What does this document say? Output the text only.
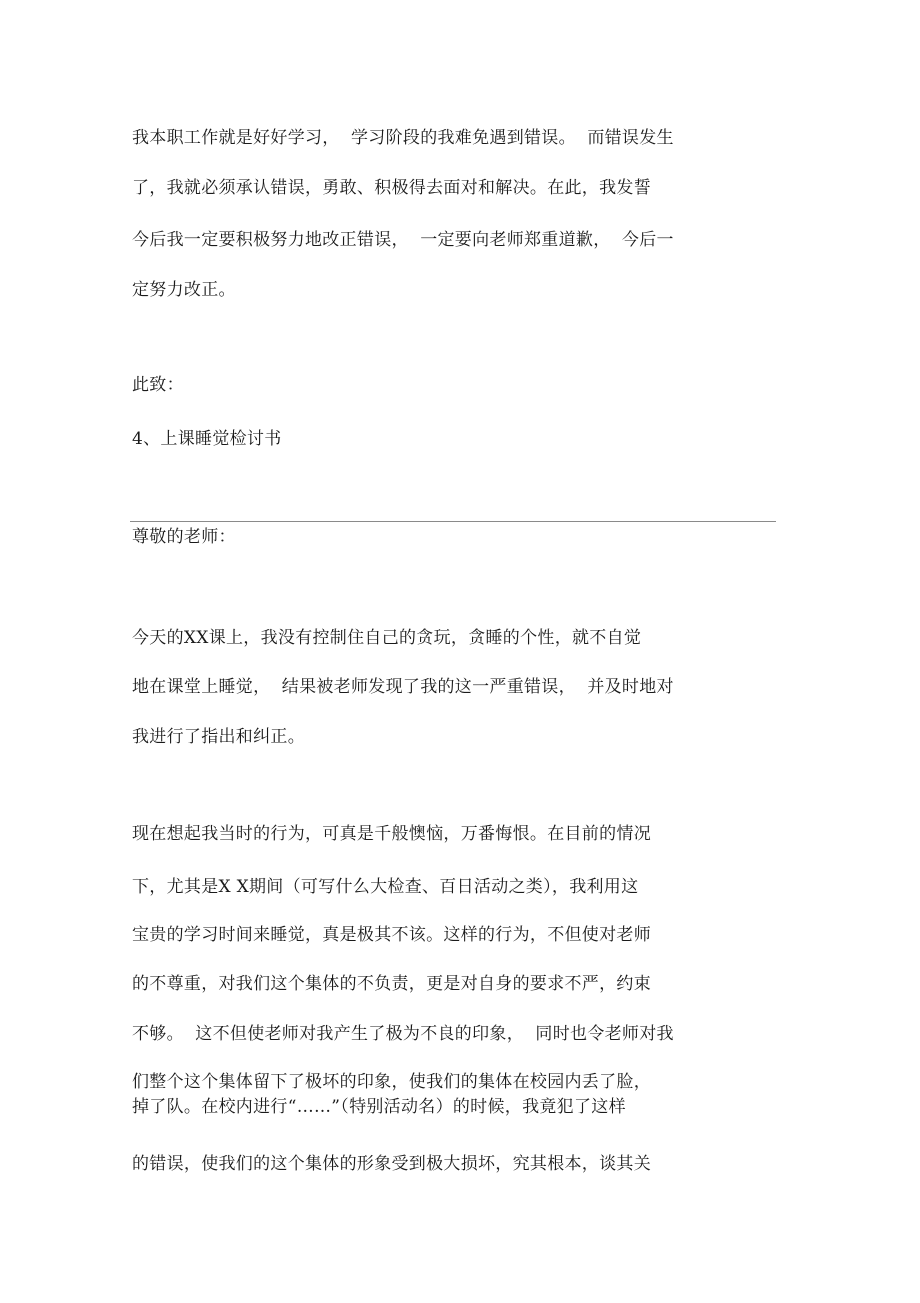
我本职工作就是好好学习，  学习阶段的我难免遇到错误。  而错误发生
了，我就必须承认错误，勇敢、积极得去面对和解决。在此，我发誓
今后我一定要积极努力地改正错误，  一定要向老师郑重道歉，  今后一
定努力改正。
此致：
4、上课睡觉检讨书
尊敬的老师：
今天的XX课上，我没有控制住自己的贪玩，贪睡的个性，就不自觉
地在课堂上睡觉，  结果被老师发现了我的这一严重错误，  并及时地对
我进行了指出和纠正。
现在想起我当时的行为，可真是千般懊恼，万番悔恨。在目前的情况
下，尤其是X X期间（可写什么大检查、百日活动之类），我利用这
宝贵的学习时间来睡觉，真是极其不该。这样的行为，不但使对老师
的不尊重，对我们这个集体的不负责，更是对自身的要求不严，约束
不够。  这不但使老师对我产生了极为不良的印象，  同时也令老师对我
们整个这个集体留下了极坏的印象，使我们的集体在校园内丢了脸，
掉了队。在校内进行“……”（特别活动名）的时候，我竟犯了这样
的错误，使我们的这个集体的形象受到极大损坏，究其根本，谈其关
